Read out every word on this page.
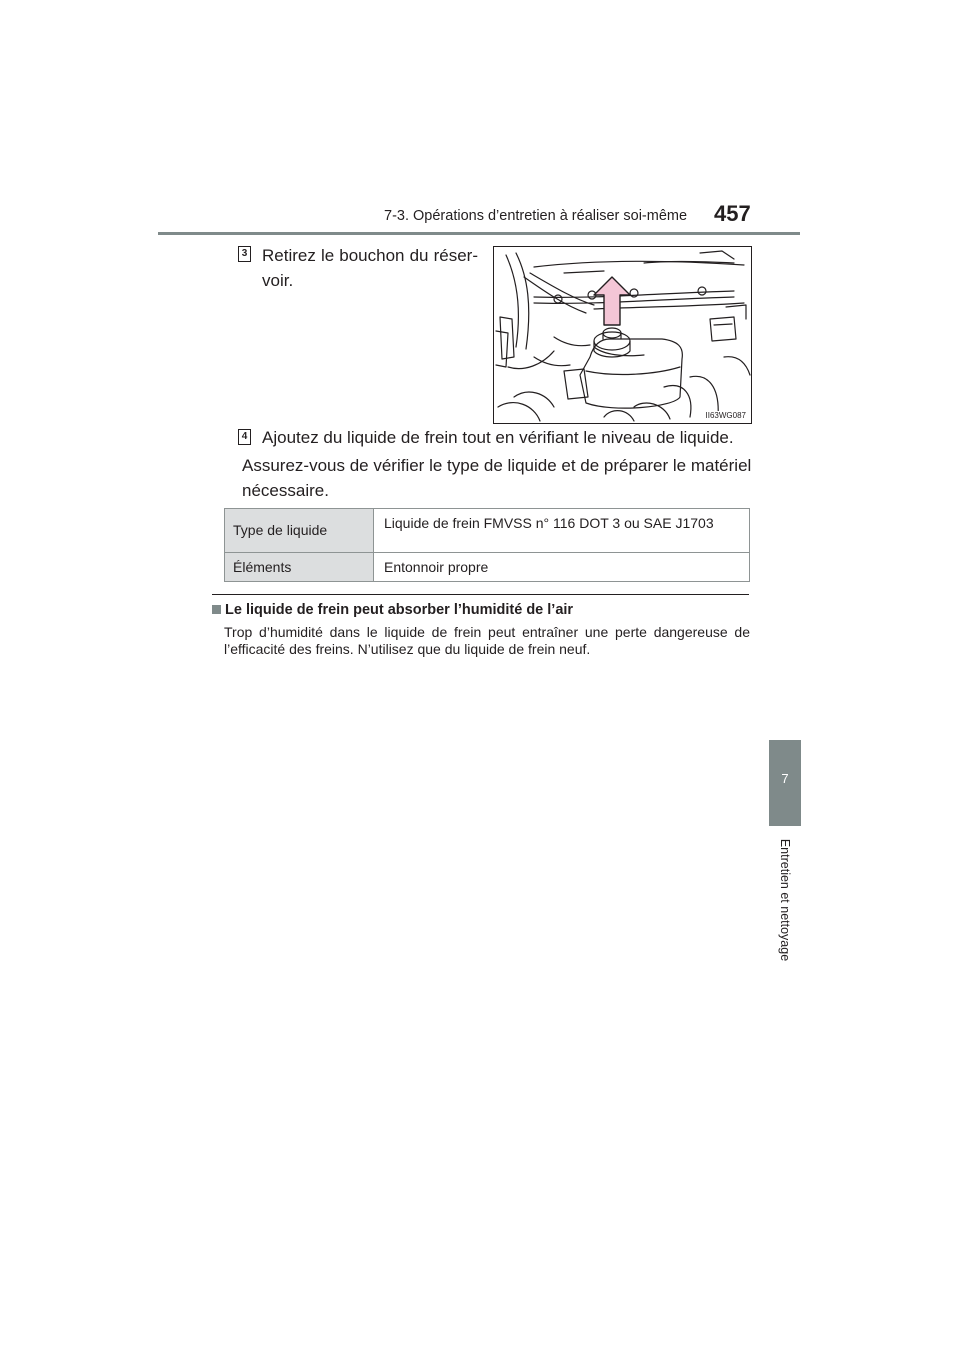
7-3. Opérations d’entretien à réaliser soi-même 457
7
Entretien et nettoyage
3 Retirez le bouchon du réser-voir.
II63WG087
4 Ajoutez du liquide de frein tout en vérifiant le niveau de liquide.
Assurez-vous de vérifier le type de liquide et de préparer le matériel nécessaire.
Type de liquide	Liquide de frein FMVSS n° 116 DOT 3 ou SAE J1703
Éléments	Entonnoir propre
Le liquide de frein peut absorber l’humidité de l’air
Trop d’humidité dans le liquide de frein peut entraîner une perte dangereuse de l’efficacité des freins. N’utilisez que du liquide de frein neuf.
